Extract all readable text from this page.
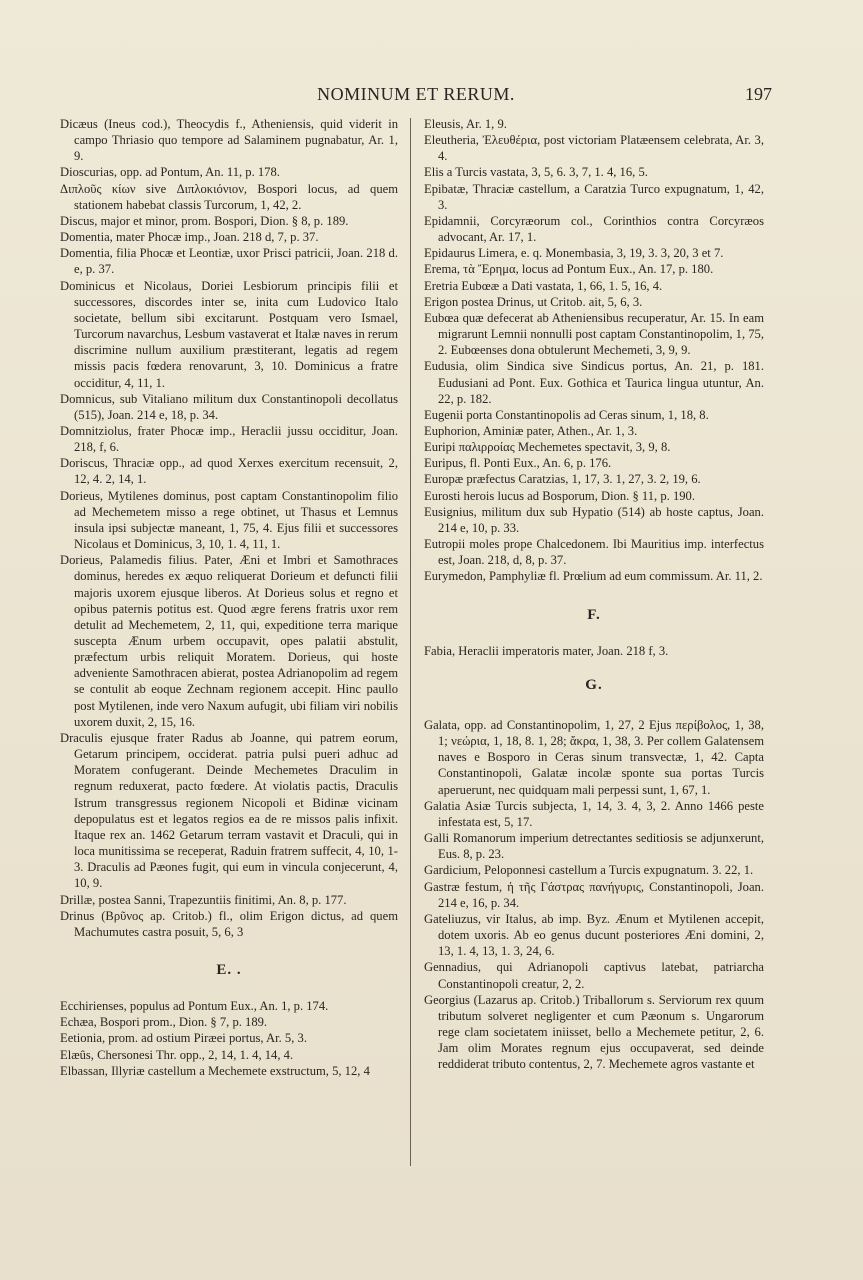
NOMINUM ET RERUM.	197
Dicæus (Ineus cod.), Theocydis f., Atheniensis, quid viderit in campo Thriasio quo tempore ad Salaminem pugnabatur, Ar. 1, 9.
Dioscurias, opp. ad Pontum, An. 11, p. 178.
Διπλοῦς κίων sive Διπλοκιόνιον, Bospori locus, ad quem stationem habebat classis Turcorum, 1, 42, 2.
Discus, major et minor, prom. Bospori, Dion. § 8, p. 189.
Domentia, mater Phocæ imp., Joan. 218 d, 7, p. 37.
Domentia, filia Phocæ et Leontiæ, uxor Prisci patricii, Joan. 218 d. e, p. 37.
Dominicus et Nicolaus, Doriei Lesbiorum principis filii et successores, discordes inter se, inita cum Ludovico Italo societate, bellum sibi excitarunt. Postquam vero Ismael, Turcorum navarchus, Lesbum vastaverat et Italæ naves in rerum discrimine nullum auxilium præstiterant, legatis ad regem missis pacis fœdera renovarunt, 3, 10. Dominicus a fratre occiditur, 4, 11, 1.
Domnicus, sub Vitaliano militum dux Constantinopoli decollatus (515), Joan. 214 e, 18, p. 34.
Domnitziolus, frater Phocæ imp., Heraclii jussu occiditur, Joan. 218, f, 6.
Doriscus, Thraciæ opp., ad quod Xerxes exercitum recensuit, 2, 12, 4. 2, 14, 1.
Dorieus, Mytilenes dominus, post captam Constantinopolim filio ad Mechemetem misso a rege obtinet, ut Thasus et Lemnus insula ipsi subjectæ maneant, 1, 75, 4. Ejus filii et successores Nicolaus et Dominicus, 3, 10, 1. 4, 11, 1.
Dorieus, Palamedis filius. Pater, Æni et Imbri et Samothraces dominus, heredes ex æquo reliquerat Dorieum et defuncti filii majoris uxorem ejusque liberos. At Dorieus solus et regno et opibus paternis potitus est. Quod ægre ferens fratris uxor rem detulit ad Mechemetem, 2, 11, qui, expeditione terra marique suscepta Ænum urbem occupavit, opes palatii abstulit, præfectum urbis reliquit Moratem. Dorieus, qui hoste adveniente Samothracen abierat, postea Adrianopolim ad regem se contulit ab eoque Zechnam regionem accepit. Hinc paullo post Mytilenen, inde vero Naxum aufugit, ubi filiam viri nobilis uxorem duxit, 2, 15, 16.
Draculis ejusque frater Radus ab Joanne, qui patrem eorum, Getarum principem, occiderat. patria pulsi pueri adhuc ad Moratem confugerant. Deinde Mechemetes Draculim in regnum reduxerat, pacto fœdere. At violatis pactis, Draculis Istrum transgressus regionem Nicopoli et Bidinæ vicinam depopulatus est et legatos regios ea de re missos palis infixit. Itaque rex an. 1462 Getarum terram vastavit et Draculi, qui in loca munitissima se receperat, Raduin fratrem suffecit, 4, 10, 1-3. Draculis ad Pæones fugit, qui eum in vincula conjecerunt, 4, 10, 9.
Drillæ, postea Sanni, Trapezuntiis finitimi, An. 8, p. 177.
Drinus (Βρῦνος ap. Critob.) fl., olim Erigon dictus, ad quem Machumutes castra posuit, 5, 6, 3
E. .
Ecchirienses, populus ad Pontum Eux., An. 1, p. 174.
Echæa, Bospori prom., Dion. § 7, p. 189.
Eetionia, prom. ad ostium Piræei portus, Ar. 5, 3.
Elæûs, Chersonesi Thr. opp., 2, 14, 1. 4, 14, 4.
Elbassan, Illyriæ castellum a Mechemete exstructum, 5, 12, 4
Eleusis, Ar. 1, 9.
Eleutheria, Ἐλευθέρια, post victoriam Platæensem celebrata, Ar. 3, 4.
Elis a Turcis vastata, 3, 5, 6. 3, 7, 1. 4, 16, 5.
Epibatæ, Thraciæ castellum, a Caratzia Turco expugnatum, 1, 42, 3.
Epidamnii, Corcyræorum col., Corinthios contra Corcyræos advocant, Ar. 17, 1.
Epidaurus Limera, e. q. Monembasia, 3, 19, 3. 3, 20, 3 et 7.
Erema, τὰ Ἔρημα, locus ad Pontum Eux., An. 17, p. 180.
Eretria Eubœæ a Dati vastata, 1, 66, 1. 5, 16, 4.
Erigon postea Drinus, ut Critob. ait, 5, 6, 3.
Eubœa quæ defecerat ab Atheniensibus recuperatur, Ar. 15. In eam migrarunt Lemnii nonnulli post captam Constantinopolim, 1, 75, 2. Eubœenses dona obtulerunt Mechemeti, 3, 9, 9.
Eudusia, olim Sindica sive Sindicus portus, An. 21, p. 181. Eudusiani ad Pont. Eux. Gothica et Taurica lingua utuntur, An. 22, p. 182.
Eugenii porta Constantinopolis ad Ceras sinum, 1, 18, 8.
Euphorion, Aminiæ pater, Athen., Ar. 1, 3.
Euripi παλιρροίας Mechemetes spectavit, 3, 9, 8.
Euripus, fl. Ponti Eux., An. 6, p. 176.
Europæ præfectus Caratzias, 1, 17, 3. 1, 27, 3. 2, 19, 6.
Eurosti herois lucus ad Bosporum, Dion. § 11, p. 190.
Eusignius, militum dux sub Hypatio (514) ab hoste captus, Joan. 214 e, 10, p. 33.
Eutropii moles prope Chalcedonem. Ibi Mauritius imp. interfectus est, Joan. 218, d, 8, p. 37.
Eurymedon, Pamphyliæ fl. Prœlium ad eum commissum. Ar. 11, 2.
F.
Fabia, Heraclii imperatoris mater, Joan. 218 f, 3.
G.
Galata, opp. ad Constantinopolim, 1, 27, 2 Ejus περίβολος, 1, 38, 1; νεώρια, 1, 18, 8. 1, 28; ἄκρα, 1, 38, 3. Per collem Galatensem naves e Bosporo in Ceras sinum transvectæ, 1, 42. Capta Constantinopoli, Galatæ incolæ sponte sua portas Turcis aperuerunt, nec quidquam mali perpessi sunt, 1, 67, 1.
Galatia Asiæ Turcis subjecta, 1, 14, 3. 4, 3, 2. Anno 1466 peste infestata est, 5, 17.
Galli Romanorum imperium detrectantes seditiosis se adjunxerunt, Eus. 8, p. 23.
Gardicium, Peloponnesi castellum a Turcis expugnatum. 3. 22, 1.
Gastræ festum, ἡ τῆς Γάστρας πανήγυρις, Constantinopoli, Joan. 214 e, 16, p. 34.
Gateliuzus, vir Italus, ab imp. Byz. Ænum et Mytilenen accepit, dotem uxoris. Ab eo genus ducunt posteriores Æni domini, 2, 13, 1. 4, 13, 1. 3, 24, 6.
Gennadius, qui Adrianopoli captivus latebat, patriarcha Constantinopoli creatur, 2, 2.
Georgius (Lazarus ap. Critob.) Triballorum s. Serviorum rex quum tributum solveret negligenter et cum Pæonum s. Ungarorum rege clam societatem iniisset, bello a Mechemete petitur, 2, 6. Jam olim Morates regnum ejus occupaverat, sed deinde reddiderat tributo contentus, 2, 7. Mechemete agros vastante et
